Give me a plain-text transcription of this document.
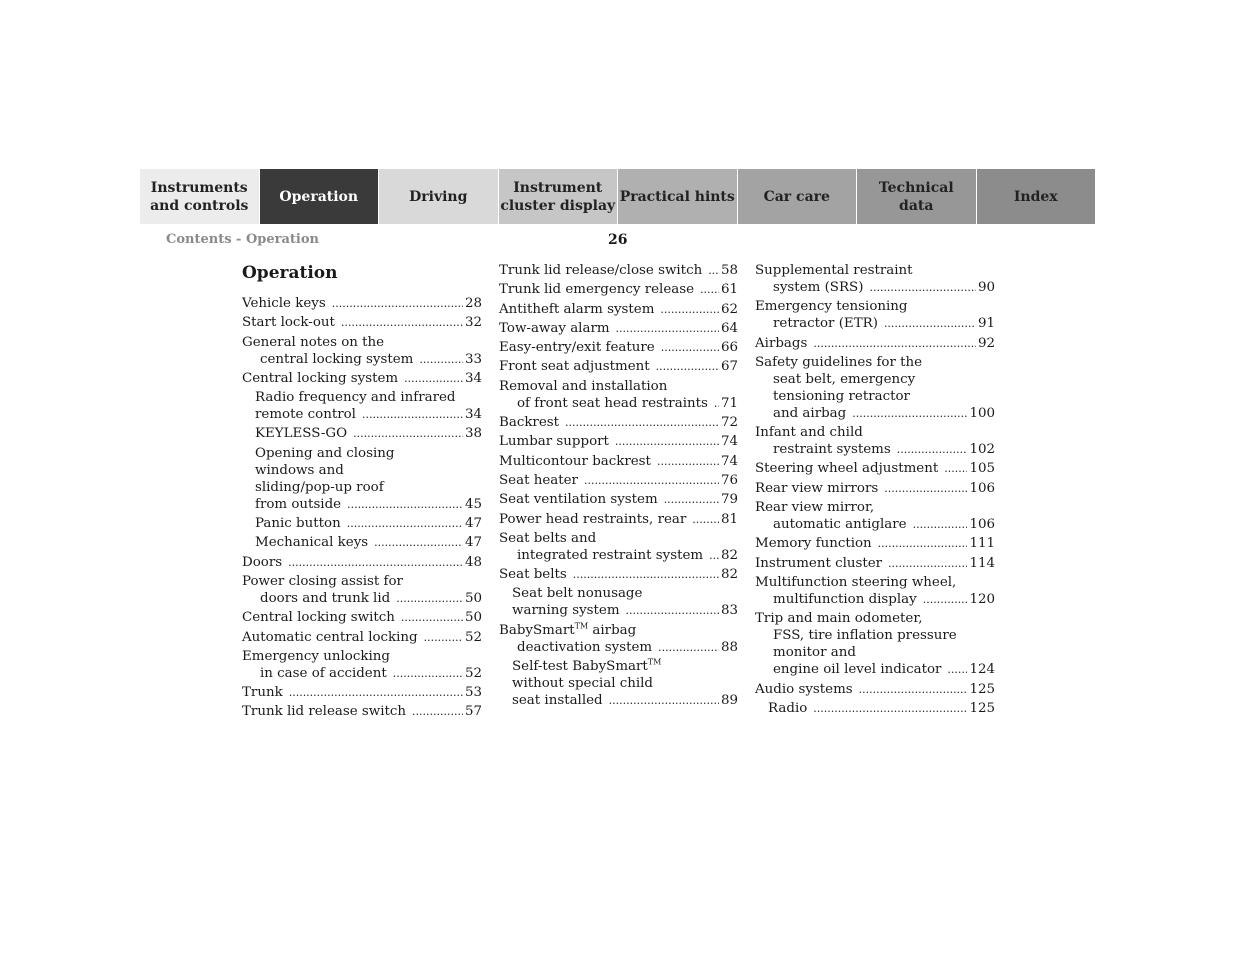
Instruments
and controls
Operation	Driving
Instrument
cluster display
Practical hints	Car care
Technical
data
Index
Contents - Operation	26
Operation
Vehicle keys .....	28
Start lock-out .....	32
General notes on the
central locking system .....	33
Central locking system .....	34
Radio frequency and infrared
remote control .....	34
KEYLESS-GO .....	38
Opening and closing
windows and
sliding/pop-up roof
from outside .....	45
Panic button .....	47
Mechanical keys .....	47
Doors .....	48
Power closing assist for
doors and trunk lid .....	50
Central locking switch .....	50
Automatic central locking .....	52
Emergency unlocking
in case of accident .....	52
Trunk .....	53
Trunk lid release switch .....	57
Trunk lid release/close switch ..... 58
Trunk lid emergency release ..... 61
Antitheft alarm system .....	62
Tow-away alarm .....	64
Easy-entry/exit feature .....	66
Front seat adjustment .....	67
Removal and installation
of front seat head restraints ..... 71
Backrest .....	72
Lumbar support .....	74
Multicontour backrest .....	74
Seat heater .....	76
Seat ventilation system .....	79
Power head restraints, rear .....	81
Seat belts and
integrated restraint system ..... 82
Seat belts .....	82
Seat belt nonusage
warning system .....	83
BabySmart™ airbag
deactivation system .....	88
Self-test BabySmart™
without special child
seat installed .....	89
Supplemental restraint
system (SRS) .....	90
Emergency tensioning
retractor (ETR) .....	91
Airbags .....	92
Safety guidelines for the
seat belt, emergency
tensioning retractor
and airbag .....	100
Infant and child
restraint systems .....	102
Steering wheel adjustment ..... 105
Rear view mirrors .....	106
Rear view mirror,
automatic antiglare .....	106
Memory function .....	111
Instrument cluster .....	114
Multifunction steering wheel,
multifunction display .....	120
Trip and main odometer,
FSS, tire inflation pressure
monitor and
engine oil level indicator ..... 124
Audio systems .....	125
Radio .....	125
